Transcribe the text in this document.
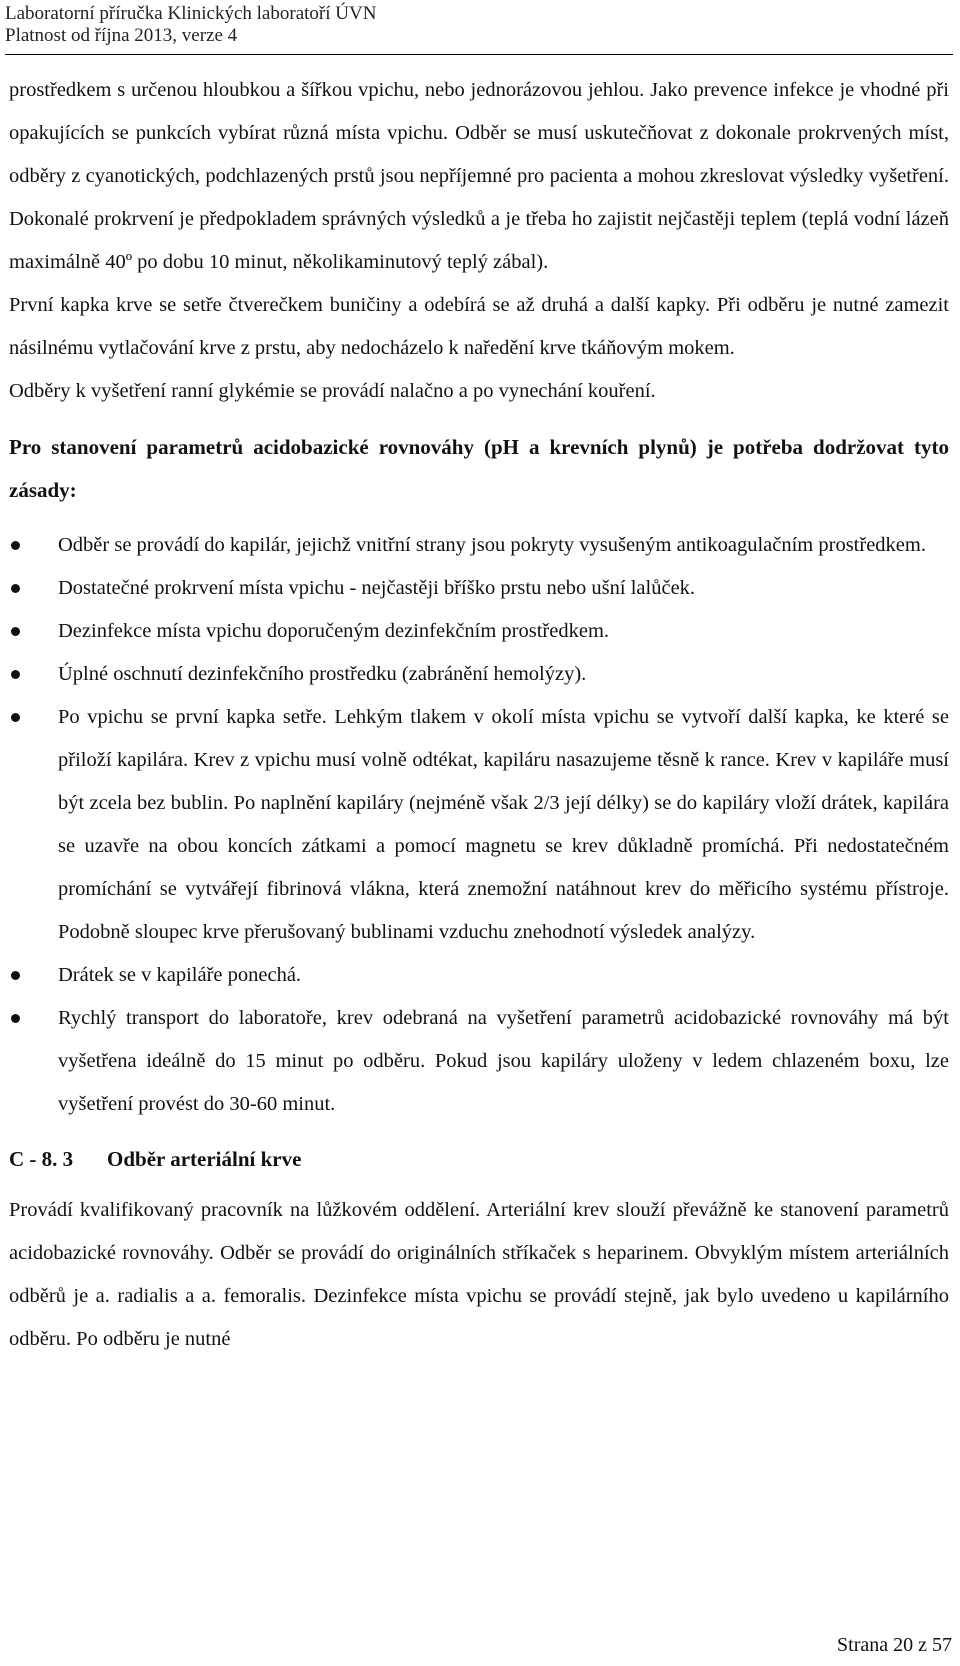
Laboratorní příručka Klinických laboratoří ÚVN
Platnost od října 2013, verze 4

prostředkem s určenou hloubkou a šířkou vpichu, nebo jednorázovou jehlou. Jako prevence infekce je vhodné při opakujících se punkcích vybírat různá místa vpichu. Odběr se musí uskutečňovat z dokonale prokrvených míst, odběry z cyanotických, podchlazených prstů jsou nepříjemné pro pacienta a mohou zkreslovat výsledky vyšetření. Dokonalé prokrvení je předpokladem správných výsledků a je třeba ho zajistit nejčastěji teplem (teplá vodní lázeň maximálně 40º po dobu 10 minut, několikaminutový teplý zábal).

První kapka krve se setře čtverečkem buničiny a odebírá se až druhá a další kapky. Při odběru je nutné zamezit násilnému vytlačování krve z prstu, aby nedocházelo k naředění krve tkáňovým mokem.

Odběry k vyšetření ranní glykémie se provádí nalačno a po vynechání kouření.

Pro stanovení parametrů acidobazické rovnováhy (pH a krevních plynů) je potřeba dodržovat tyto zásady:
Odběr se provádí do kapilár, jejichž vnitřní strany jsou pokryty vysušeným antikoagulačním prostředkem.
Dostatečné prokrvení místa vpichu - nejčastěji bříško prstu nebo ušní lalůček.
Dezinfekce místa vpichu doporučeným dezinfekčním prostředkem.
Úplné oschnutí dezinfekčního prostředku (zabránění hemolýzy).
Po vpichu se první kapka setře. Lehkým tlakem v okolí místa vpichu se vytvoří další kapka, ke které se přiloží kapilára. Krev z vpichu musí volně odtékat, kapiláru nasazujeme těsně k rance. Krev v kapiláře musí být zcela bez bublin. Po naplnění kapiláry (nejméně však 2/3 její délky) se do kapiláry vloží drátek, kapilára se uzavře na obou koncích zátkami a pomocí magnetu se krev důkladně promíchá. Při nedostatečném promíchání se vytvářejí fibrinová vlákna, která znemožní natáhnout krev do měřicího systému přístroje. Podobně sloupec krve přerušovaný bublinami vzduchu znehodnotí výsledek analýzy.
Drátek se v kapiláře ponechá.
Rychlý transport do laboratoře, krev odebraná na vyšetření parametrů acidobazické rovnováhy má být vyšetřena ideálně do 15 minut po odběru. Pokud jsou kapiláry uloženy v ledem chlazeném boxu, lze vyšetření provést do 30-60 minut.
C - 8. 3 Odběr arteriální krve

Provádí kvalifikovaný pracovník na lůžkovém oddělení. Arteriální krev slouží převážně ke stanovení parametrů acidobazické rovnováhy. Odběr se provádí do originálních stříkaček s heparinem. Obvyklým místem arteriálních odběrů je a. radialis a a. femoralis. Dezinfekce místa vpichu se provádí stejně, jak bylo uvedeno u kapilárního odběru. Po odběru je nutné

Strana 20 z 57
